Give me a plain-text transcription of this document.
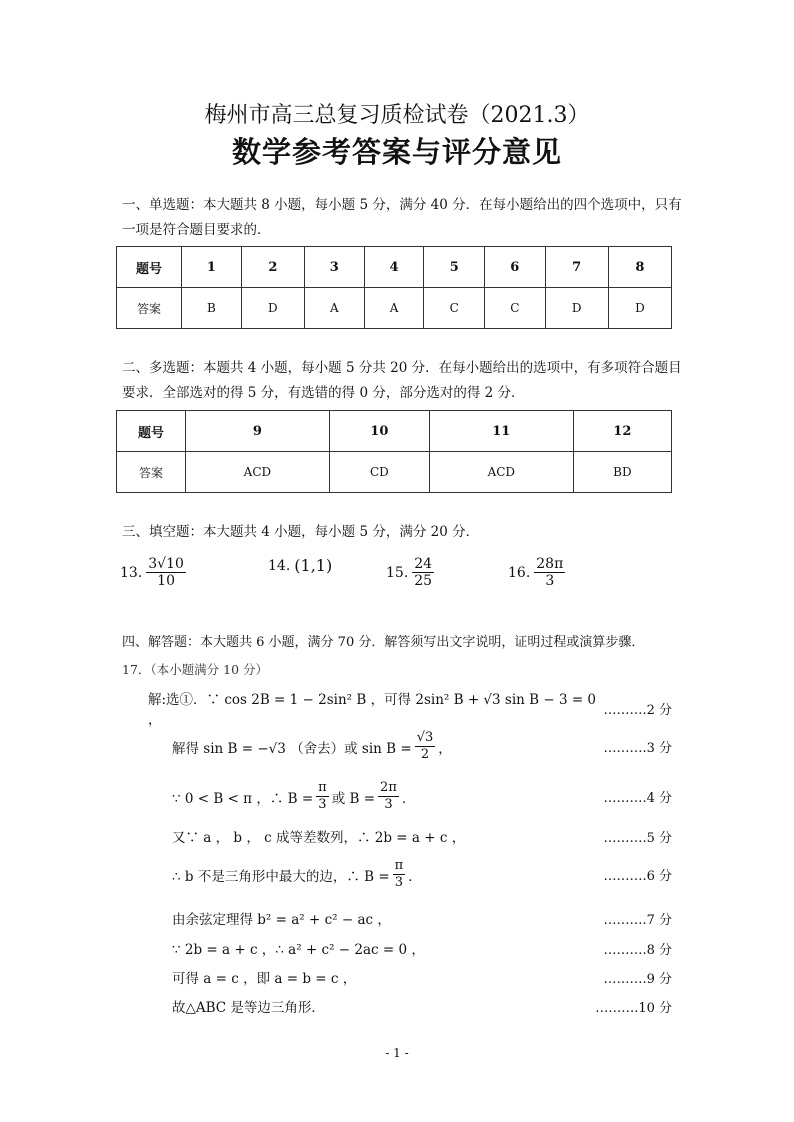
梅州市高三总复习质检试卷（2021.3）
数学参考答案与评分意见
一、单选题：本大题共 8 小题，每小题 5 分，满分 40 分．在每小题给出的四个选项中，只有一项是符合题目要求的．
题号	1	2	3	4	5	6	7	8
答案	B	D	A	A	C	C	D	D
二、多选题：本题共 4 小题，每小题 5 分共 20 分．在每小题给出的选项中，有多项符合题目要求．全部选对的得 5 分，有选错的得 0 分，部分选对的得 2 分．
题号	9	10	11	12
答案	ACD	CD	ACD	BD
三、填空题：本大题共 4 小题，每小题 5 分，满分 20 分．
13. $\frac{3√10}{10}$	14. (1,1)	15. $\frac{24}{25}$	16. $\frac{28\pi}{3}$
四、解答题：本大题共 6 小题，满分 70 分．解答须写出文字说明，证明过程或演算步骤．
17．（本小题满分 10 分）
解:选①．∵ cos 2B = 1 − 2sin² B ，可得 2sin² B + √3 sin B − 3 = 0 ，
……….2 分
解得 sin B = −√3 （舍去）或 $\sin B = \frac{√3}{2}$ ，	……….3 分
∵ 0 < B < π ，∴ $B = \frac{\pi}{3}$ 或 $B = \frac{2\pi}{3}$ ．	……….4 分
又∵ a ， b ， c 成等差数列，∴ 2b = a + c ，	……….5 分
∴ b 不是三角形中最大的边，∴ $B = \frac{\pi}{3}$ ．	……….6 分
由余弦定理得 b² = a² + c² − ac ，	……….7 分
∵ 2b = a + c ，∴ a² + c² − 2ac = 0 ，	……….8 分
可得 a = c ，即 a = b = c ，	……….9 分
故△ABC 是等边三角形．	……….10 分
- 1 -
